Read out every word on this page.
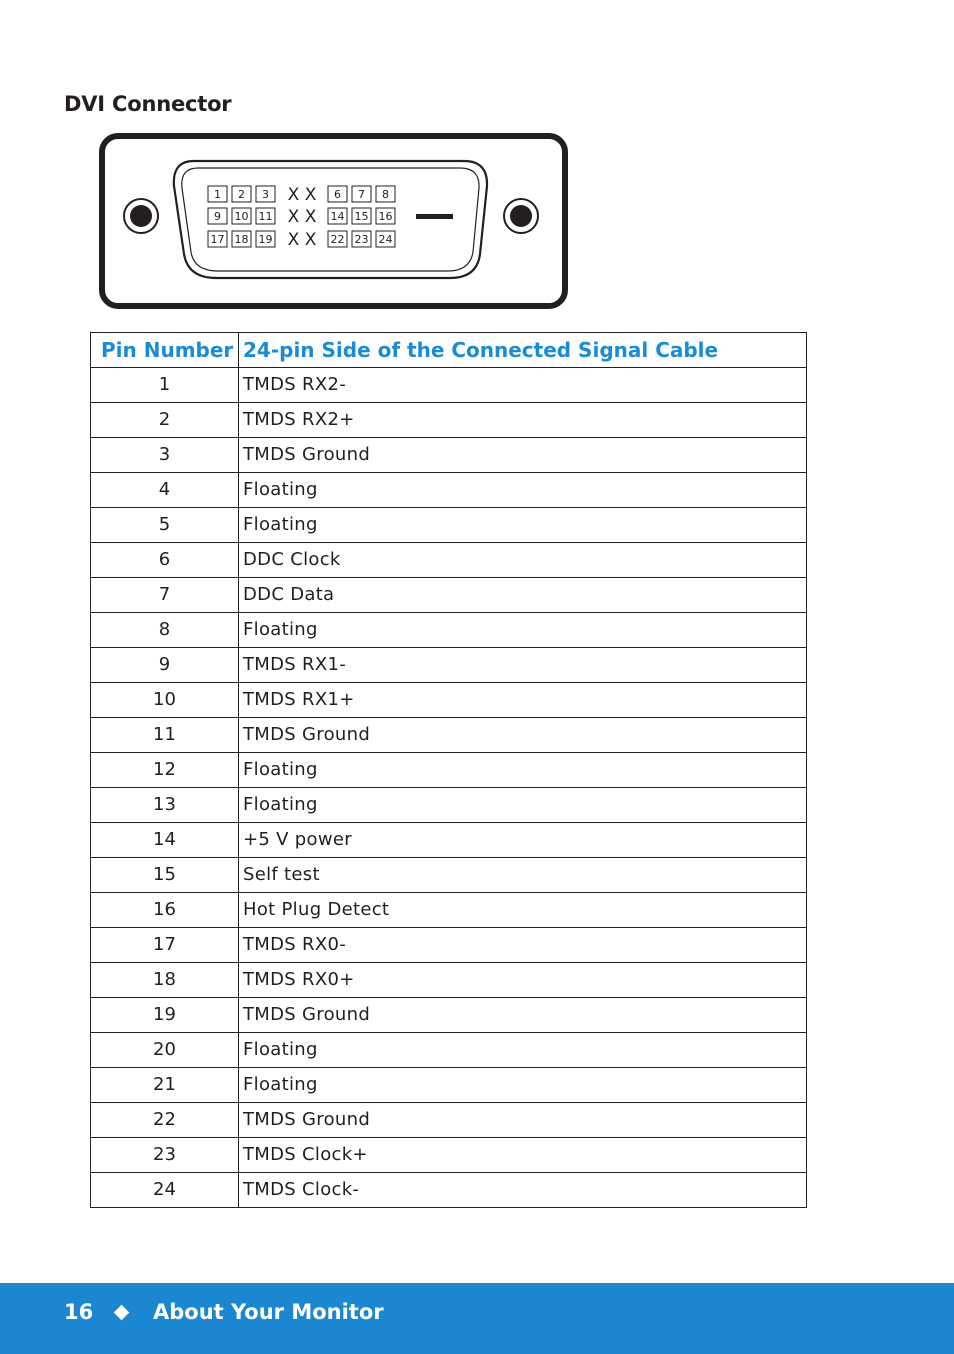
DVI Connector
1 2 3	6 7 8
X X
9 10 11	14 15 16
X X
17 18 19	22 23 24
X X
Pin Number	24-pin Side of the Connected Signal Cable
1	TMDS RX2-
2	TMDS RX2+
3	TMDS Ground
4	Floating
5	Floating
6	DDC Clock
7	DDC Data
8	Floating
9	TMDS RX1-
10	TMDS RX1+
11	TMDS Ground
12	Floating
13	Floating
14	+5 V power
15	Self test
16	Hot Plug Detect
17	TMDS RX0-
18	TMDS RX0+
19	TMDS Ground
20	Floating
21	Floating
22	TMDS Ground
23	TMDS Clock+
24	TMDS Clock-
16	About Your Monitor
